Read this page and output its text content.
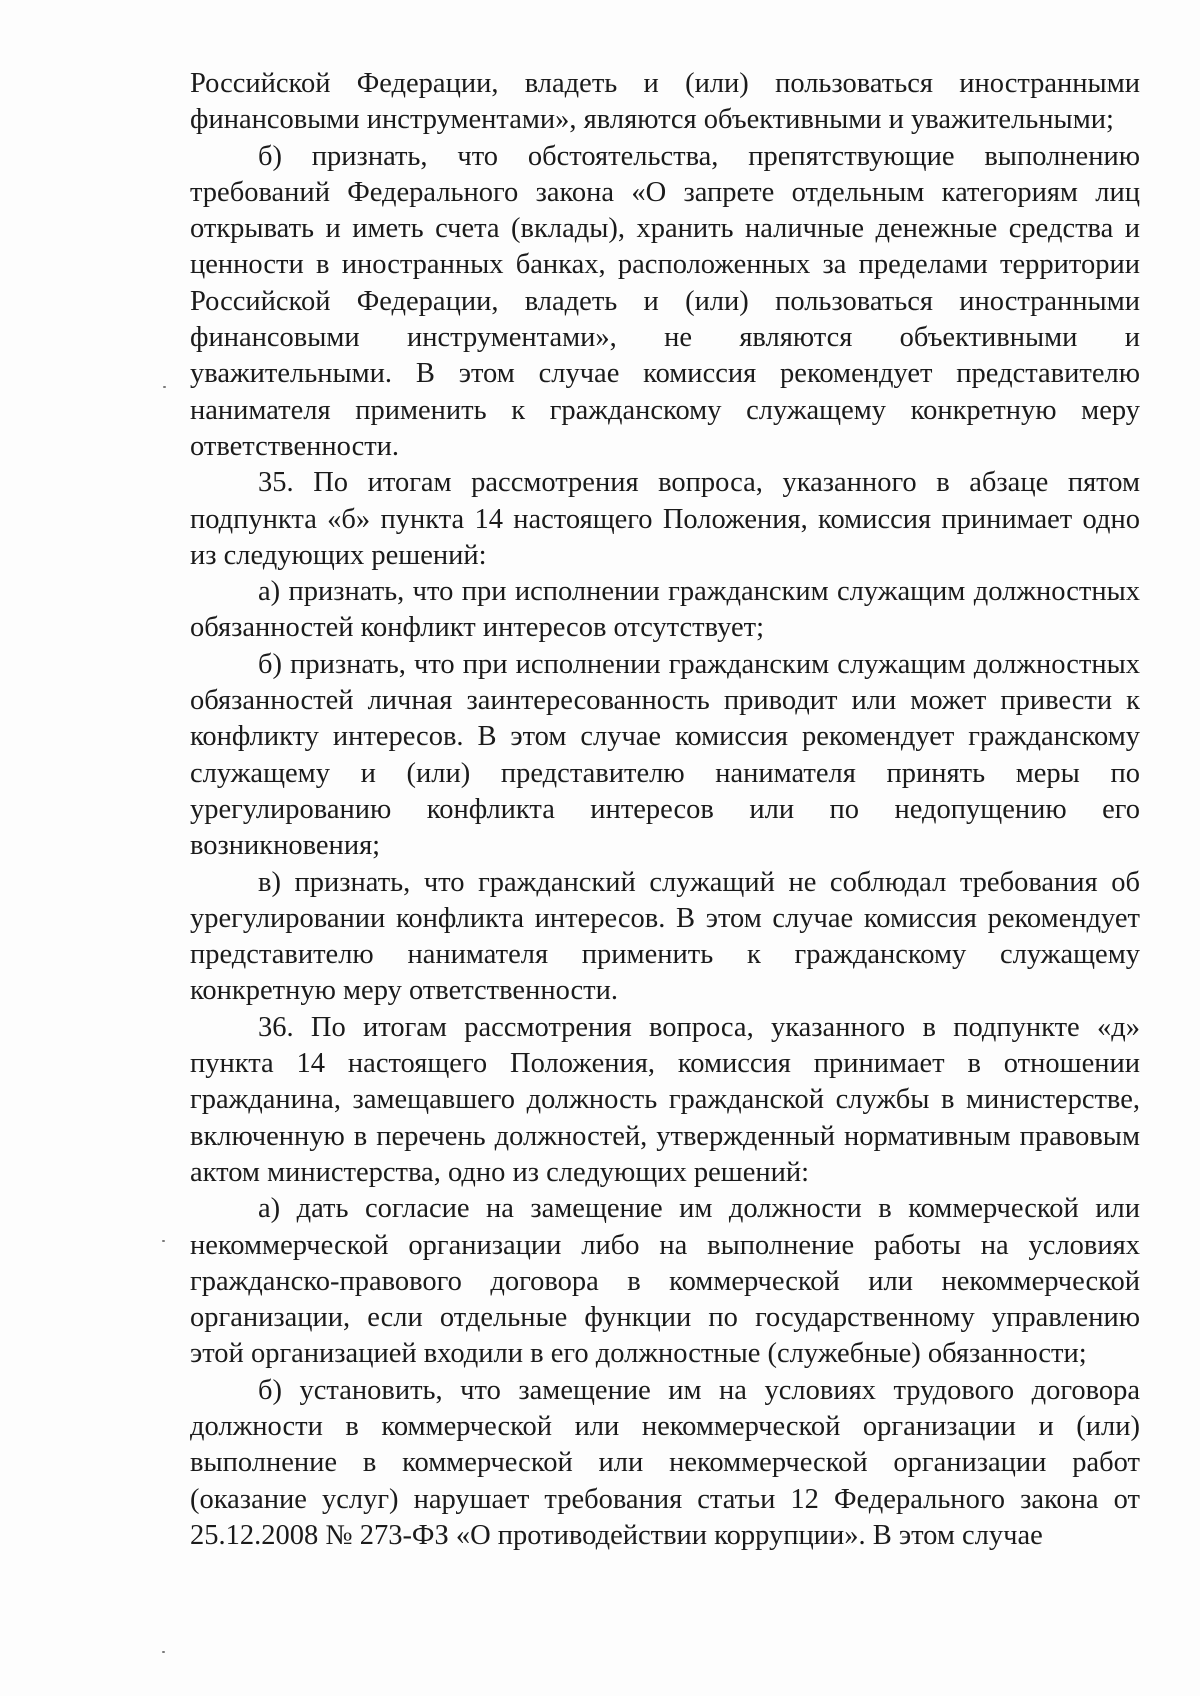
Российской Федерации, владеть и (или) пользоваться иностранными финансовыми инструментами», являются объективными и уважительными;

б) признать, что обстоятельства, препятствующие выполнению требований Федерального закона «О запрете отдельным категориям лиц открывать и иметь счета (вклады), хранить наличные денежные средства и ценности в иностранных банках, расположенных за пределами территории Российской Федерации, владеть и (или) пользоваться иностранными финансовыми инструментами», не являются объективными и уважительными. В этом случае комиссия рекомендует представителю нанимателя применить к гражданскому служащему конкретную меру ответственности.

35. По итогам рассмотрения вопроса, указанного в абзаце пятом подпункта «б» пункта 14 настоящего Положения, комиссия принимает одно из следующих решений:

а) признать, что при исполнении гражданским служащим должностных обязанностей конфликт интересов отсутствует;

б) признать, что при исполнении гражданским служащим должностных обязанностей личная заинтересованность приводит или может привести к конфликту интересов. В этом случае комиссия рекомендует гражданскому служащему и (или) представителю нанимателя принять меры по урегулированию конфликта интересов или по недопущению его возникновения;

в) признать, что гражданский служащий не соблюдал требования об урегулировании конфликта интересов. В этом случае комиссия рекомендует представителю нанимателя применить к гражданскому служащему конкретную меру ответственности.

36. По итогам рассмотрения вопроса, указанного в подпункте «д» пункта 14 настоящего Положения, комиссия принимает в отношении гражданина, замещавшего должность гражданской службы в министерстве, включенную в перечень должностей, утвержденный нормативным правовым актом министерства, одно из следующих решений:

а) дать согласие на замещение им должности в коммерческой или некоммерческой организации либо на выполнение работы на условиях гражданско-правового договора в коммерческой или некоммерческой организации, если отдельные функции по государственному управлению этой организацией входили в его должностные (служебные) обязанности;

б) установить, что замещение им на условиях трудового договора должности в коммерческой или некоммерческой организации и (или) выполнение в коммерческой или некоммерческой организации работ (оказание услуг) нарушает требования статьи 12 Федерального закона от 25.12.2008 № 273-ФЗ «О противодействии коррупции». В этом случае
